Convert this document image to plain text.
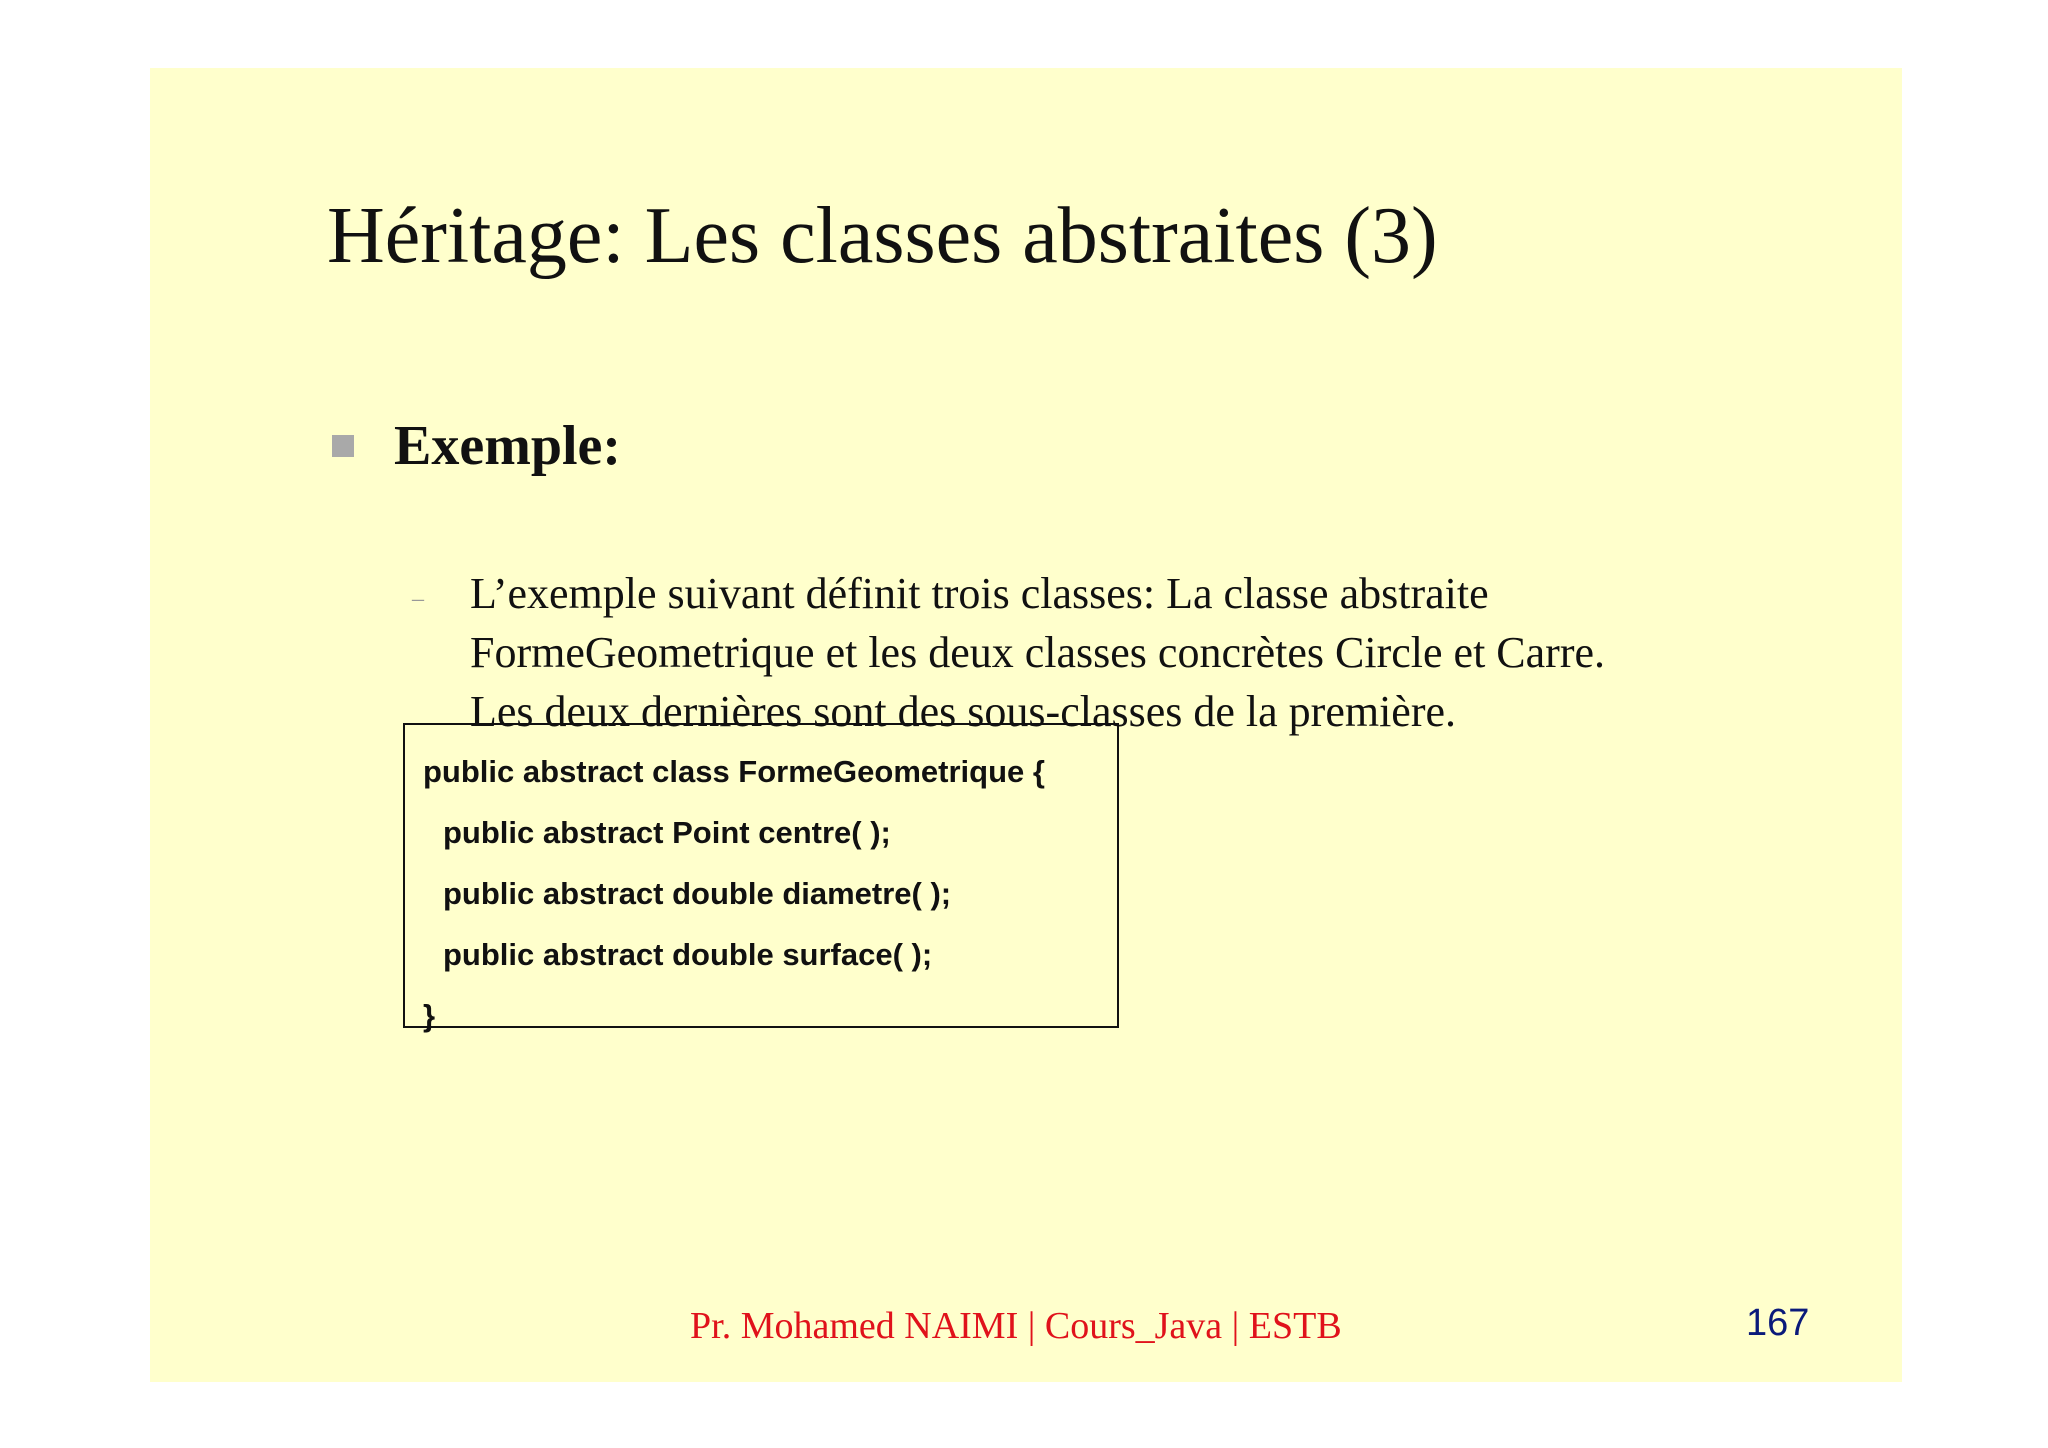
Héritage: Les classes abstraites (3)
Exemple:
–	L’exemple suivant définit trois classes: La classe abstraite
FormeGeometrique et les deux classes concrètes Circle et Carre.
Les deux dernières sont des sous-classes de la première.
public abstract class FormeGeometrique {
public abstract Point centre( );
public abstract double diametre( );
public abstract double surface( );
}
Pr. Mohamed NAIMI | Cours_Java | ESTB	167
